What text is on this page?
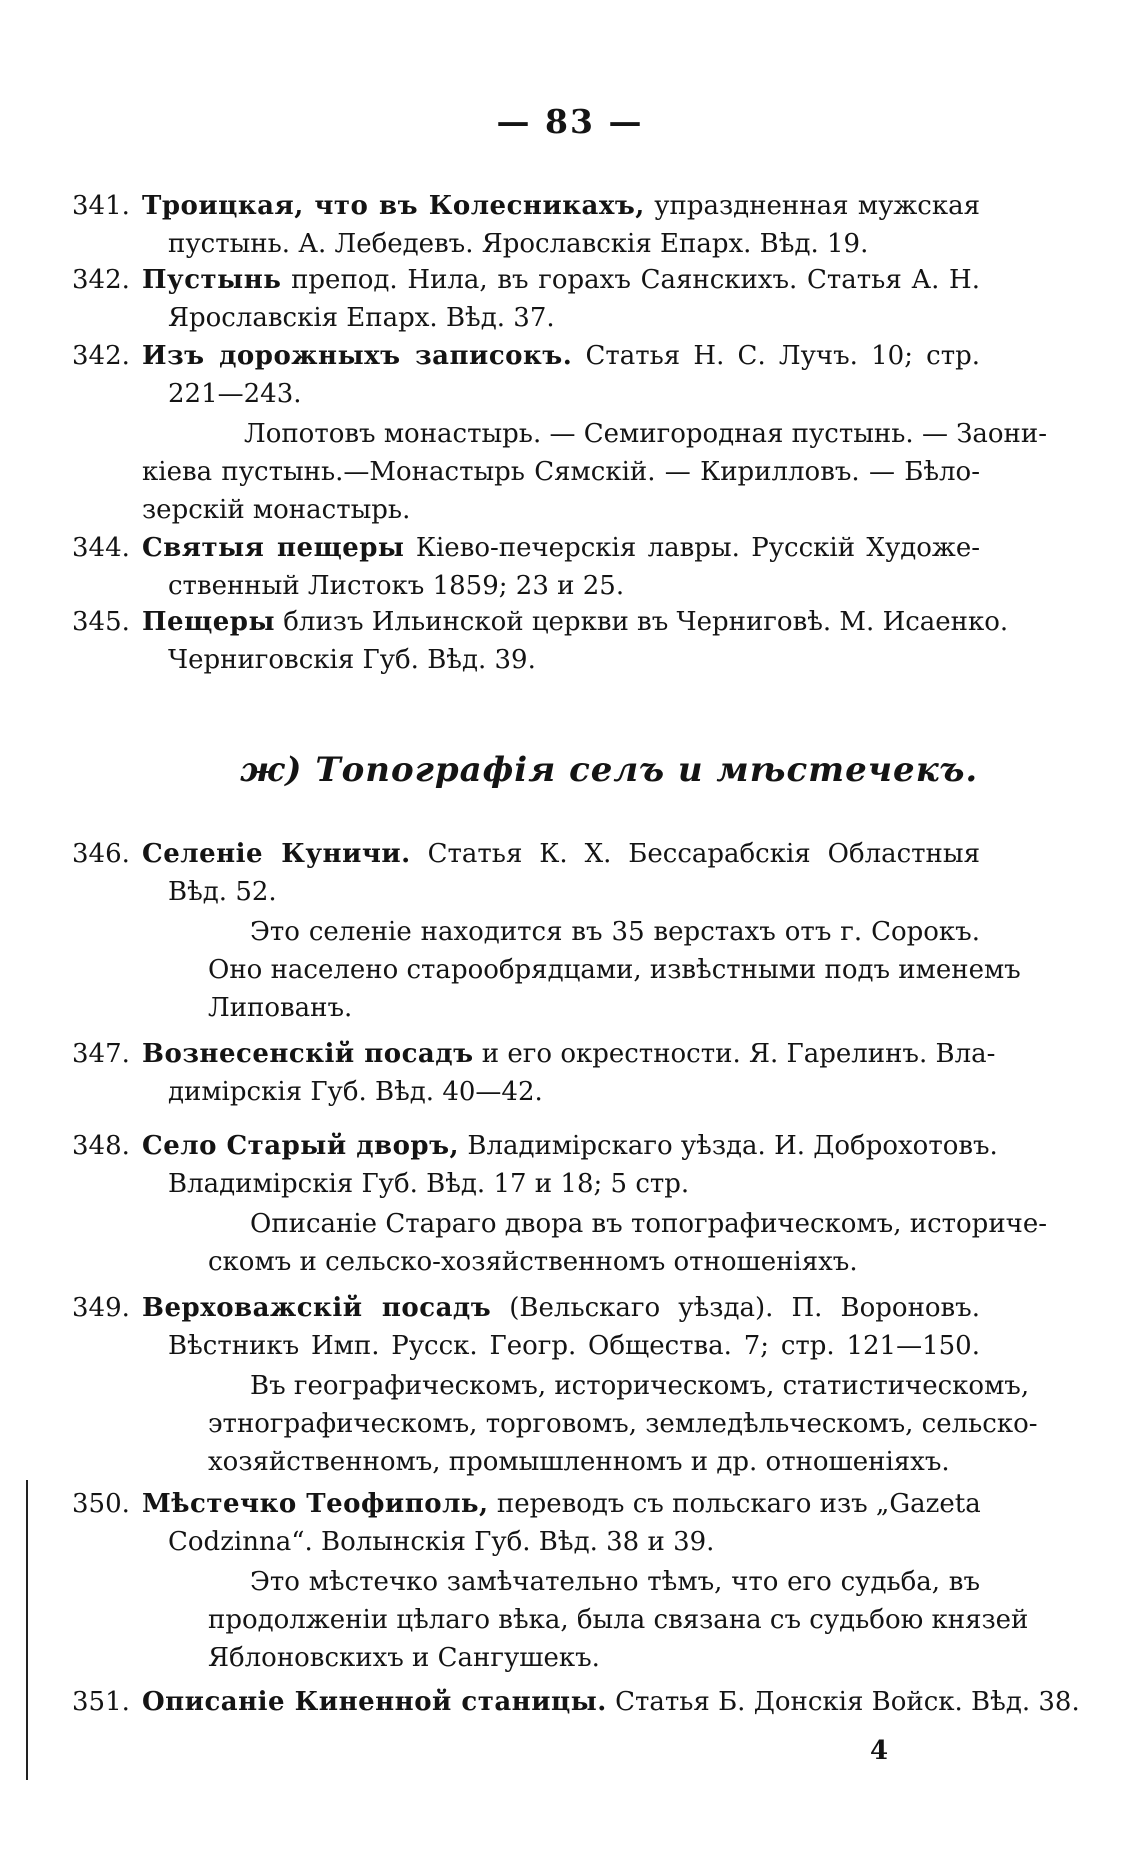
— 83 —
341. Троицкая, что въ Колесникахъ, упраздненная мужская
пустынь. А. Лебедевъ. Ярославскія Епарх. Вѣд. 19.
342. Пустынь препод. Нила, въ горахъ Саянскихъ. Статья А. Н.
Ярославскія Епарх. Вѣд. 37.
342. Изъ дорожныхъ записокъ. Статья Н. С. Лучъ. 10; стр.
221—243.
Лопотовъ монастырь. — Семигородная пустынь. — Заони-
кіева пустынь.—Монастырь Сямскій. — Кирилловъ. — Бѣло-
зерскій монастырь.
344. Святыя пещеры Кіево-печерскія лавры. Русскій Художе-
ственный Листокъ 1859; 23 и 25.
345. Пещеры близъ Ильинской церкви въ Черниговѣ. М. Исаенко.
Черниговскія Губ. Вѣд. 39.
ж) Топографія селъ и мѣстечекъ.
346. Селеніе Куничи. Статья К. Х. Бессарабскія Областныя
Вѣд. 52.
Это селеніе находится въ 35 верстахъ отъ г. Сорокъ.
Оно населено старообрядцами, извѣстными подъ именемъ
Липованъ.
347. Вознесенскій посадъ и его окрестности. Я. Гарелинъ. Вла-
димірскія Губ. Вѣд. 40—42.
348. Село Старый дворъ, Владимірскаго уѣзда. И. Доброхотовъ.
Владимірскія Губ. Вѣд. 17 и 18; 5 стр.
Описаніе Стараго двора въ топографическомъ, историче-
скомъ и сельско-хозяйственномъ отношеніяхъ.
349. Верховажскій посадъ (Вельскаго уѣзда). П. Вороновъ.
Вѣстникъ Имп. Русск. Геогр. Общества. 7; стр. 121—150.
Въ географическомъ, историческомъ, статистическомъ,
этнографическомъ, торговомъ, земледѣльческомъ, сельско-
хозяйственномъ, промышленномъ и др. отношеніяхъ.
350. Мѣстечко Теофиполь, переводъ съ польскаго изъ „Gazeta
Codzinna“. Волынскія Губ. Вѣд. 38 и 39.
Это мѣстечко замѣчательно тѣмъ, что его судьба, въ
продолженіи цѣлаго вѣка, была связана съ судьбою князей
Яблоновскихъ и Сангушекъ.
351. Описаніе Киненной станицы. Статья Б. Донскія Войск. Вѣд. 38.
4
